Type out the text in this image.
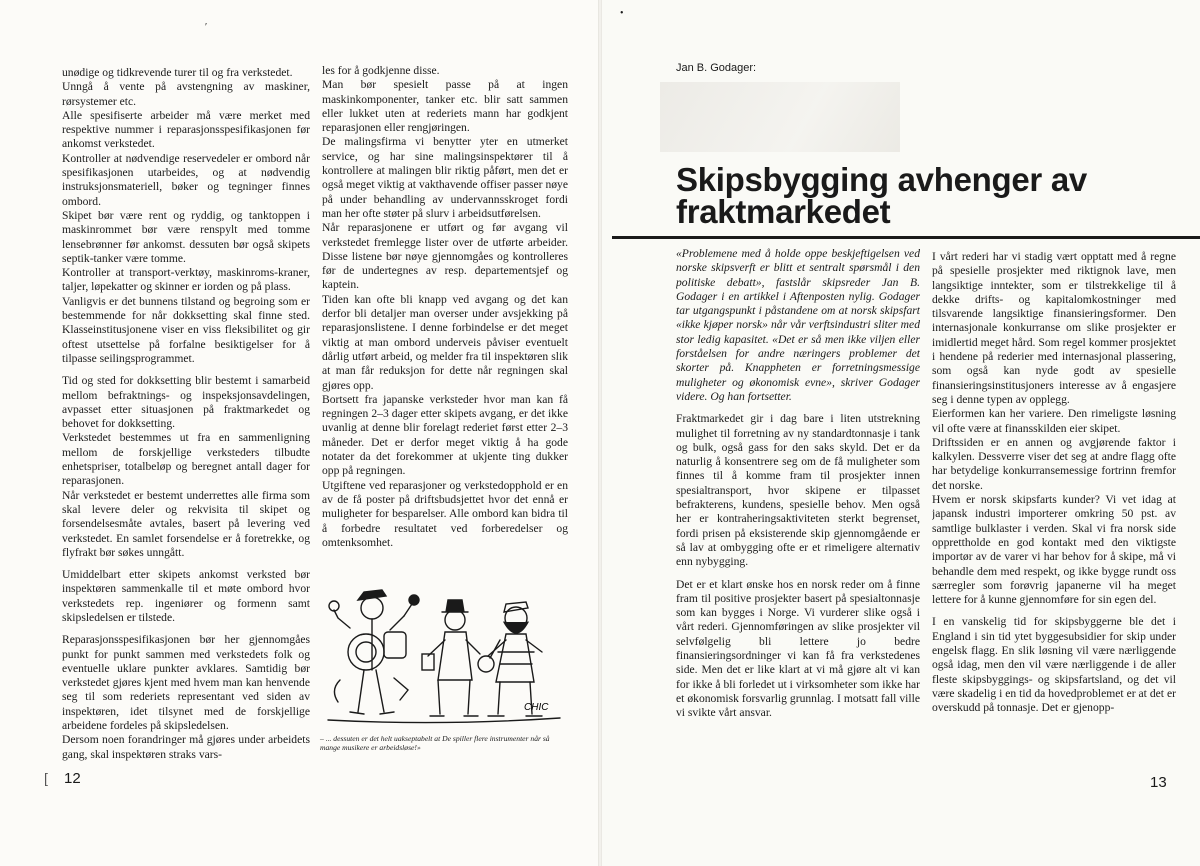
′
•

unødige og tidkrevende turer til og fra verkstedet.

Unngå å vente på avstengning av maskiner, rørsystemer etc.

Alle spesifiserte arbeider må være merket med respektive nummer i reparasjonsspesifikasjonen før ankomst verkstedet.

Kontroller at nødvendige reservedeler er ombord når spesifikasjonen utarbeides, og at nødvendig instruksjonsmateriell, bøker og tegninger finnes ombord.

Skipet bør være rent og ryddig, og tanktoppen i maskinrommet bør være renspylt med tomme lensebrønner før ankomst. dessuten bør også skipets septik-tanker være tomme.

Kontroller at transport-verktøy, maskinroms-kraner, taljer, løpekatter og skinner er iorden og på plass.

Vanligvis er det bunnens tilstand og begroing som er bestemmende for når dokksetting skal finne sted. Klasseinstitusjonene viser en viss fleksibilitet og gir oftest utsettelse på forfalne besiktigelser for å tilpasse seilingsprogrammet.

Tid og sted for dokksetting blir bestemt i samarbeid mellom befraktnings- og inspeksjonsavdelingen, avpasset etter situasjonen på fraktmarkedet og behovet for dokksetting.

Verkstedet bestemmes ut fra en sammenligning mellom de forskjellige verksteders tilbudte enhetspriser, totalbeløp og beregnet antall dager for reparasjonen.

Når verkstedet er bestemt underrettes alle firma som skal levere deler og rekvisita til skipet og forsendelsesmåte avtales, basert på levering ved verkstedet. En samlet forsendelse er å foretrekke, og flyfrakt bør søkes unngått.

Umiddelbart etter skipets ankomst verksted bør inspektøren sammenkalle til et møte ombord hvor verkstedets rep. ingeniører og formenn samt skipsledelsen er tilstede.

Reparasjonsspesifikasjonen bør her gjennomgåes punkt for punkt sammen med verkstedets folk og eventuelle uklare punkter avklares. Samtidig bør verkstedet gjøres kjent med hvem man kan henvende seg til som rederiets representant ved siden av inspektøren, idet tilsynet med de forskjellige arbeidene fordeles på skipsledelsen.

Dersom noen forandringer må gjøres under arbeidets gang, skal inspektøren straks vars-

les for å godkjenne disse.

Man bør spesielt passe på at ingen maskinkomponenter, tanker etc. blir satt sammen eller lukket uten at rederiets mann har godkjent reparasjonen eller rengjøringen.

De malingsfirma vi benytter yter en utmerket service, og har sine malingsinspektører til å kontrollere at malingen blir riktig påført, men det er også meget viktig at vakthavende offiser passer nøye på under behandling av undervannsskroget fordi man her ofte støter på slurv i arbeidsutførelsen.

Når reparasjonene er utført og før avgang vil verkstedet fremlegge lister over de utførte arbeider. Disse listene bør nøye gjennomgåes og kontrolleres før de undertegnes av resp. departementsjef og kaptein.

Tiden kan ofte bli knapp ved avgang og det kan derfor bli detaljer man overser under avsjekking på reparasjonslistene. I denne forbindelse er det meget viktig at man ombord underveis påviser eventuelt dårlig utført arbeid, og melder fra til inspektøren slik at man får reduksjon for dette når regningen skal gjøres opp.

Bortsett fra japanske verksteder hvor man kan få regningen 2–3 dager etter skipets avgang, er det ikke uvanlig at denne blir forelagt rederiet først etter 2–3 måneder. Det er derfor meget viktig å ha gode notater da det forekommer at ukjente ting dukker opp på regningen.

Utgiftene ved reparasjoner og verkstedopphold er en av de få poster på driftsbudsjettet hvor det ennå er muligheter for besparelser. Alle ombord kan bidra til å forbedre resultatet ved forberedelser og omtenksomhet.

CHIC
– ... dessuten er det helt uakseptabelt at De spiller flere instrumenter når så mange musikere er arbeidsløse!»
[ 12
Jan B. Godager:
Skipsbygging avhenger av fraktmarkedet

«Problemene med å holde oppe beskjeftigelsen ved norske skipsverft er blitt et sentralt spørsmål i den politiske debatt», fastslår skipsreder Jan B. Godager i en artikkel i Aftenposten nylig. Godager tar utgangspunkt i påstandene om at norsk skipsfart «ikke kjøper norsk» når vår verftsindustri sliter med stor ledig kapasitet. «Det er så men ikke viljen eller forståelsen for andre næringers problemer det skorter på. Knappheten er forretningsmessige muligheter og økonomisk evne», skriver Godager videre. Og han fortsetter.

Fraktmarkedet gir i dag bare i liten utstrekning mulighet til forretning av ny standardtonnasje i tank og bulk, også gass for den saks skyld. Det er da naturlig å konsentrere seg om de få muligheter som finnes til å komme fram til prosjekter innen spesialtransport, hvor skipene er tilpasset befrakterens, kundens, spesielle behov. Men også her er kontraheringsaktiviteten sterkt begrenset, fordi prisen på eksisterende skip gjennomgående er så lav at ombygging ofte er et rimeligere alternativ enn nybygging.

Det er et klart ønske hos en norsk reder om å finne fram til positive prosjekter basert på spesialtonnasje som kan bygges i Norge. Vi vurderer slike også i vårt rederi. Gjennomføringen av slike prosjekter vil selvfølgelig bli lettere jo bedre finansieringsordninger vi kan få fra verkstedenes side. Men det er like klart at vi må gjøre alt vi kan for ikke å bli forledet ut i virksomheter som ikke har et økonomisk forsvarlig grunnlag. I motsatt fall ville vi svikte vårt ansvar.

I vårt rederi har vi stadig vært opptatt med å regne på spesielle prosjekter med riktignok lave, men langsiktige inntekter, som er tilstrekkelige til å dekke drifts- og kapitalomkostninger med tilsvarende langsiktige finansieringsformer. Den internasjonale konkurranse om slike prosjekter er imidlertid meget hård. Som regel kommer prosjektet i hendene på rederier med internasjonal plassering, som også kan nyde godt av spesielle finansieringsinstitusjoners interesse av å engasjere seg i denne typen av opplegg.

Eierformen kan her variere. Den rimeligste løsning vil ofte være at finansskilden eier skipet.

Driftssiden er en annen og avgjørende faktor i kalkylen. Dessverre viser det seg at andre flagg ofte har betydelige konkurransemessige fortrinn fremfor det norske.

Hvem er norsk skipsfarts kunder? Vi vet idag at japansk industri importerer omkring 50 pst. av samtlige bulklaster i verden. Skal vi fra norsk side opprettholde en god kontakt med den viktigste importør av de varer vi har behov for å skipe, må vi behandle dem med respekt, og ikke bygge rundt oss særregler som forøvrig japanerne vil ha meget lettere for å kunne gjennomføre for sin egen del.

I en vanskelig tid for skipsbyggerne ble det i England i sin tid ytet byggesubsidier for skip under engelsk flagg. En slik løsning vil være nærliggende også idag, men den vil være nærliggende i de aller fleste skipsbyggings- og skipsfartsland, og det vil være skadelig i en tid da hovedproblemet er at det er overskudd på tonnasje. Det er gjenopp-

13
